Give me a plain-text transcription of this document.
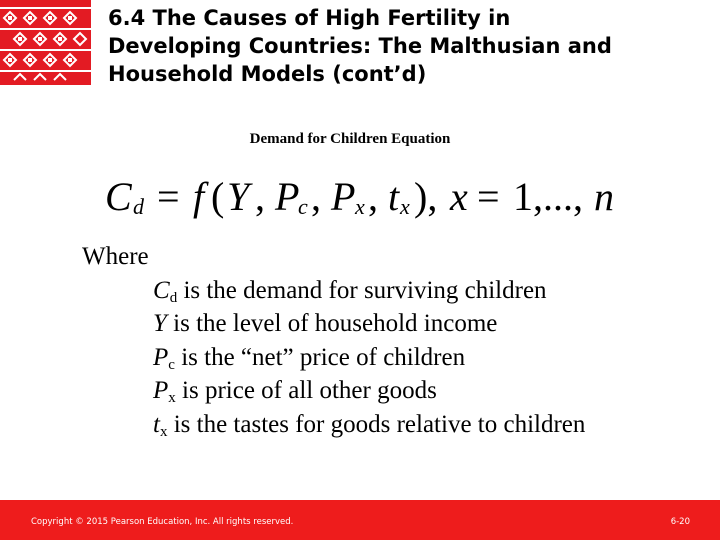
6.4 The Causes of High Fertility in
Developing Countries: The Malthusian and
Household Models (cont’d)
Demand for Children Equation
C d = f ( Y , P
c , P x , t x ), x = 1,..., n
Where
$C_d$ is the demand for surviving children
Y is the level of household income
$P_c$ is the “net” price of children
$P_x$ is price of all other goods
$t_x$ is the tastes for goods relative to children
Copyright © 2015 Pearson Education, Inc. All rights reserved.	6-20
